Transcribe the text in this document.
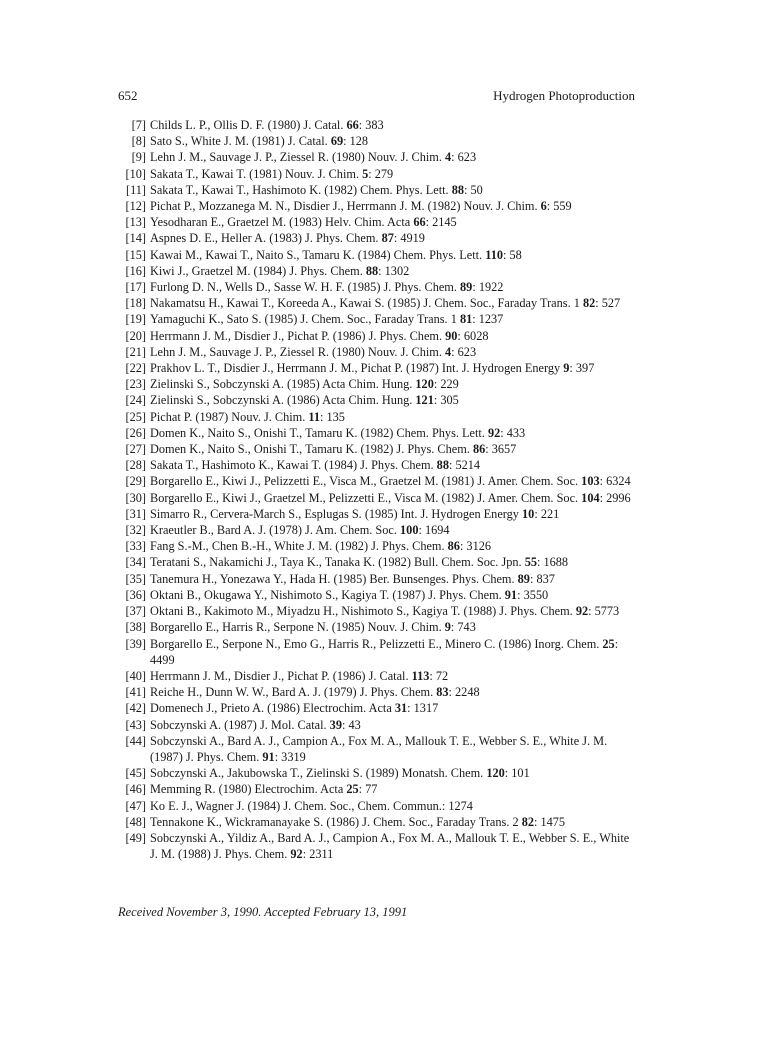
652	Hydrogen Photoproduction
[7] Childs L. P., Ollis D. F. (1980) J. Catal. 66: 383
[8] Sato S., White J. M. (1981) J. Catal. 69: 128
[9] Lehn J. M., Sauvage J. P., Ziessel R. (1980) Nouv. J. Chim. 4: 623
[10] Sakata T., Kawai T. (1981) Nouv. J. Chim. 5: 279
[11] Sakata T., Kawai T., Hashimoto K. (1982) Chem. Phys. Lett. 88: 50
[12] Pichat P., Mozzanega M. N., Disdier J., Herrmann J. M. (1982) Nouv. J. Chim. 6: 559
[13] Yesodharan E., Graetzel M. (1983) Helv. Chim. Acta 66: 2145
[14] Aspnes D. E., Heller A. (1983) J. Phys. Chem. 87: 4919
[15] Kawai M., Kawai T., Naito S., Tamaru K. (1984) Chem. Phys. Lett. 110: 58
[16] Kiwi J., Graetzel M. (1984) J. Phys. Chem. 88: 1302
[17] Furlong D. N., Wells D., Sasse W. H. F. (1985) J. Phys. Chem. 89: 1922
[18] Nakamatsu H., Kawai T., Koreeda A., Kawai S. (1985) J. Chem. Soc., Faraday Trans. 1 82: 527
[19] Yamaguchi K., Sato S. (1985) J. Chem. Soc., Faraday Trans. 1 81: 1237
[20] Herrmann J. M., Disdier J., Pichat P. (1986) J. Phys. Chem. 90: 6028
[21] Lehn J. M., Sauvage J. P., Ziessel R. (1980) Nouv. J. Chim. 4: 623
[22] Prakhov L. T., Disdier J., Herrmann J. M., Pichat P. (1987) Int. J. Hydrogen Energy 9: 397
[23] Zielinski S., Sobczynski A. (1985) Acta Chim. Hung. 120: 229
[24] Zielinski S., Sobczynski A. (1986) Acta Chim. Hung. 121: 305
[25] Pichat P. (1987) Nouv. J. Chim. 11: 135
[26] Domen K., Naito S., Onishi T., Tamaru K. (1982) Chem. Phys. Lett. 92: 433
[27] Domen K., Naito S., Onishi T., Tamaru K. (1982) J. Phys. Chem. 86: 3657
[28] Sakata T., Hashimoto K., Kawai T. (1984) J. Phys. Chem. 88: 5214
[29] Borgarello E., Kiwi J., Pelizzetti E., Visca M., Graetzel M. (1981) J. Amer. Chem. Soc. 103: 6324
[30] Borgarello E., Kiwi J., Graetzel M., Pelizzetti E., Visca M. (1982) J. Amer. Chem. Soc. 104: 2996
[31] Simarro R., Cervera-March S., Esplugas S. (1985) Int. J. Hydrogen Energy 10: 221
[32] Kraeutler B., Bard A. J. (1978) J. Am. Chem. Soc. 100: 1694
[33] Fang S.-M., Chen B.-H., White J. M. (1982) J. Phys. Chem. 86: 3126
[34] Teratani S., Nakamichi J., Taya K., Tanaka K. (1982) Bull. Chem. Soc. Jpn. 55: 1688
[35] Tanemura H., Yonezawa Y., Hada H. (1985) Ber. Bunsenges. Phys. Chem. 89: 837
[36] Oktani B., Okugawa Y., Nishimoto S., Kagiya T. (1987) J. Phys. Chem. 91: 3550
[37] Oktani B., Kakimoto M., Miyadzu H., Nishimoto S., Kagiya T. (1988) J. Phys. Chem. 92: 5773
[38] Borgarello E., Harris R., Serpone N. (1985) Nouv. J. Chim. 9: 743
[39] Borgarello E., Serpone N., Emo G., Harris R., Pelizzetti E., Minero C. (1986) Inorg. Chem. 25: 4499
[40] Herrmann J. M., Disdier J., Pichat P. (1986) J. Catal. 113: 72
[41] Reiche H., Dunn W. W., Bard A. J. (1979) J. Phys. Chem. 83: 2248
[42] Domenech J., Prieto A. (1986) Electrochim. Acta 31: 1317
[43] Sobczynski A. (1987) J. Mol. Catal. 39: 43
[44] Sobczynski A., Bard A. J., Campion A., Fox M. A., Mallouk T. E., Webber S. E., White J. M. (1987) J. Phys. Chem. 91: 3319
[45] Sobczynski A., Jakubowska T., Zielinski S. (1989) Monatsh. Chem. 120: 101
[46] Memming R. (1980) Electrochim. Acta 25: 77
[47] Ko E. J., Wagner J. (1984) J. Chem. Soc., Chem. Commun.: 1274
[48] Tennakone K., Wickramanayake S. (1986) J. Chem. Soc., Faraday Trans. 2 82: 1475
[49] Sobczynski A., Yildiz A., Bard A. J., Campion A., Fox M. A., Mallouk T. E., Webber S. E., White J. M. (1988) J. Phys. Chem. 92: 2311
Received November 3, 1990. Accepted February 13, 1991
